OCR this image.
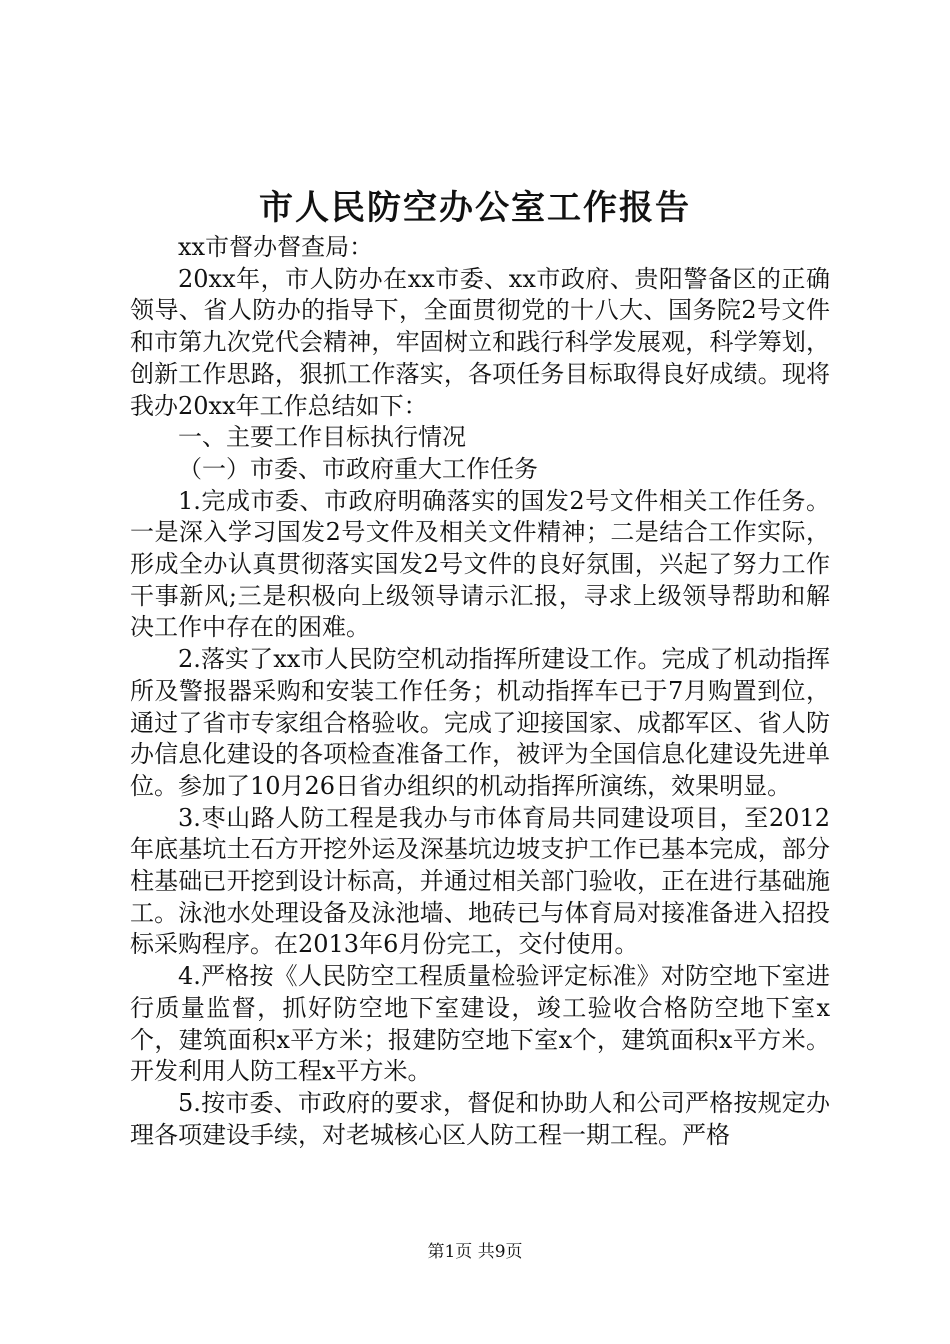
市人民防空办公室工作报告

xx市督办督查局：

20xx年，市人防办在xx市委、xx市政府、贵阳警备区的正确领导、省人防办的指导下，全面贯彻党的十八大、国务院2号文件和市第九次党代会精神，牢固树立和践行科学发展观，科学筹划，创新工作思路，狠抓工作落实，各项任务目标取得良好成绩。现将我办20xx年工作总结如下：

一、主要工作目标执行情况

（一）市委、市政府重大工作任务

1.完成市委、市政府明确落实的国发2号文件相关工作任务。一是深入学习国发2号文件及相关文件精神；二是结合工作实际，形成全办认真贯彻落实国发2号文件的良好氛围，兴起了努力工作干事新风;三是积极向上级领导请示汇报，寻求上级领导帮助和解决工作中存在的困难。

2.落实了xx市人民防空机动指挥所建设工作。完成了机动指挥所及警报器采购和安装工作任务；机动指挥车已于7月购置到位，通过了省市专家组合格验收。完成了迎接国家、成都军区、省人防办信息化建设的各项检查准备工作，被评为全国信息化建设先进单位。参加了10月26日省办组织的机动指挥所演练，效果明显。

3.枣山路人防工程是我办与市体育局共同建设项目，至2012年底基坑土石方开挖外运及深基坑边坡支护工作已基本完成，部分柱基础已开挖到设计标高，并通过相关部门验收，正在进行基础施工。泳池水处理设备及泳池墙、地砖已与体育局对接准备进入招投标采购程序。在2013年6月份完工，交付使用。

4.严格按《人民防空工程质量检验评定标准》对防空地下室进行质量监督，抓好防空地下室建设，竣工验收合格防空地下室x个，建筑面积x平方米；报建防空地下室x个，建筑面积x平方米。开发利用人防工程x平方米。

5.按市委、市政府的要求，督促和协助人和公司严格按规定办理各项建设手续，对老城核心区人防工程一期工程。严格

第1页 共9页
